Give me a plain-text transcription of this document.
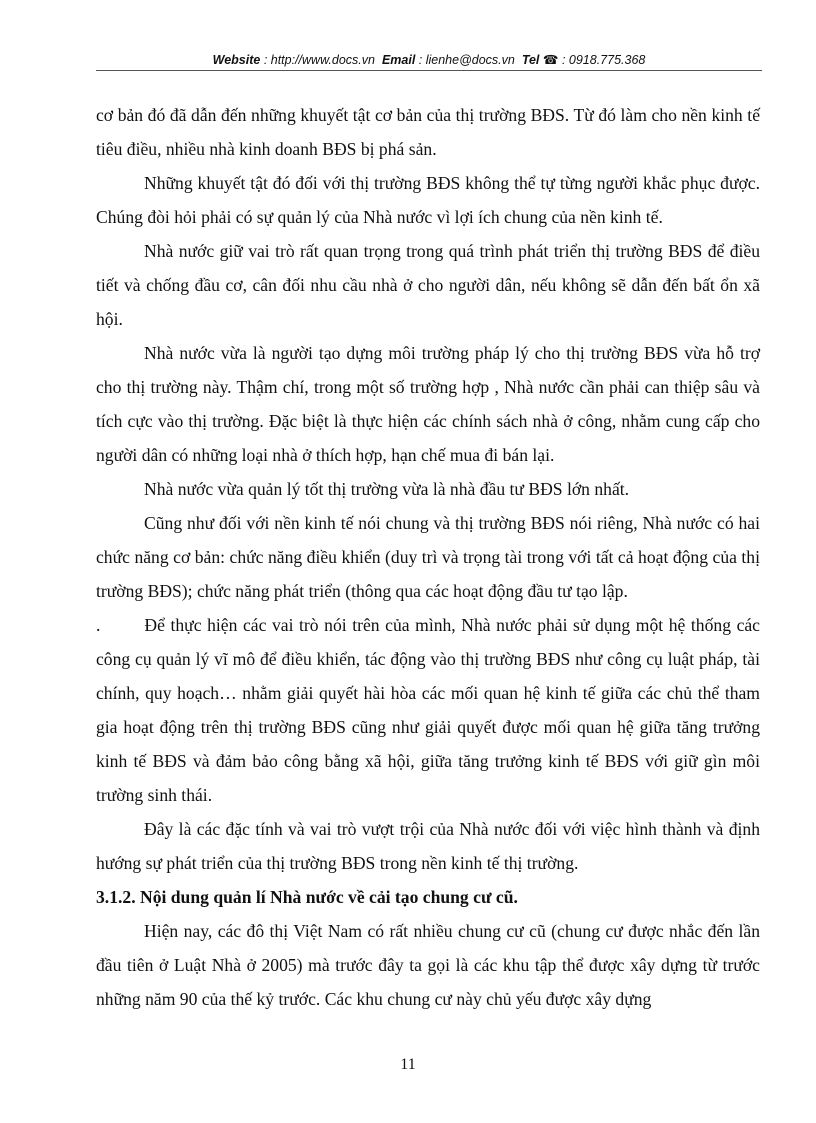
Website : http://www.docs.vn Email : lienhe@docs.vn Tel ☎ : 0918.775.368

cơ bản đó đã dẫn đến những khuyết tật cơ bản của thị trường BĐS. Từ đó làm cho nền kinh tế tiêu điều, nhiều nhà kinh doanh BĐS bị phá sản.

Những khuyết tật đó đối với thị trường BĐS không thể tự từng người khắc phục được. Chúng đòi hỏi phải có sự quản lý của Nhà nước vì lợi ích chung của nền kinh tế.

Nhà nước giữ vai trò rất quan trọng trong quá trình phát triển thị trường BĐS để điều tiết và chống đầu cơ, cân đối nhu cầu nhà ở cho người dân, nếu không sẽ dẫn đến bất ổn xã hội.

Nhà nước vừa là người tạo dựng môi trường pháp lý cho thị trường BĐS vừa hỗ trợ cho thị trường này. Thậm chí, trong một số trường hợp , Nhà nước cần phải can thiệp sâu và tích cực vào thị trường. Đặc biệt là thực hiện các chính sách nhà ở công, nhằm cung cấp cho người dân có những loại nhà ở thích hợp, hạn chế mua đi bán lại.

Nhà nước vừa quản lý tốt thị trường vừa là nhà đầu tư BĐS lớn nhất.

Cũng như đối với nền kinh tế nói chung và thị trường BĐS nói riêng, Nhà nước có hai chức năng cơ bản: chức năng điều khiển (duy trì và trọng tài trong với tất cả hoạt động của thị trường BĐS); chức năng phát triển (thông qua các hoạt động đầu tư tạo lập.

.	Để thực hiện các vai trò nói trên của mình, Nhà nước phải sử dụng một hệ thống các công cụ quản lý vĩ mô để điều khiển, tác động vào thị trường BĐS như công cụ luật pháp, tài chính, quy hoạch… nhằm giải quyết hài hòa các mối quan hệ kinh tế giữa các chủ thể tham gia hoạt động trên thị trường BĐS cũng như giải quyết được mối quan hệ giữa tăng trưởng kinh tế BĐS và đảm bảo công bằng xã hội, giữa tăng trưởng kinh tế BĐS với giữ gìn môi trường sinh thái.

Đây là các đặc tính và vai trò vượt trội của Nhà nước đối với việc hình thành và định hướng sự phát triển của thị trường BĐS trong nền kinh tế thị trường.

3.1.2. Nội dung quản lí Nhà nước về cải tạo chung cư cũ.

Hiện nay, các đô thị Việt Nam có rất nhiều chung cư cũ (chung cư được nhắc đến lần đầu tiên ở Luật Nhà ở 2005) mà trước đây ta gọi là các khu tập thể được xây dựng từ trước những năm 90 của thế kỷ trước. Các khu chung cư này chủ yếu được xây dựng

11
